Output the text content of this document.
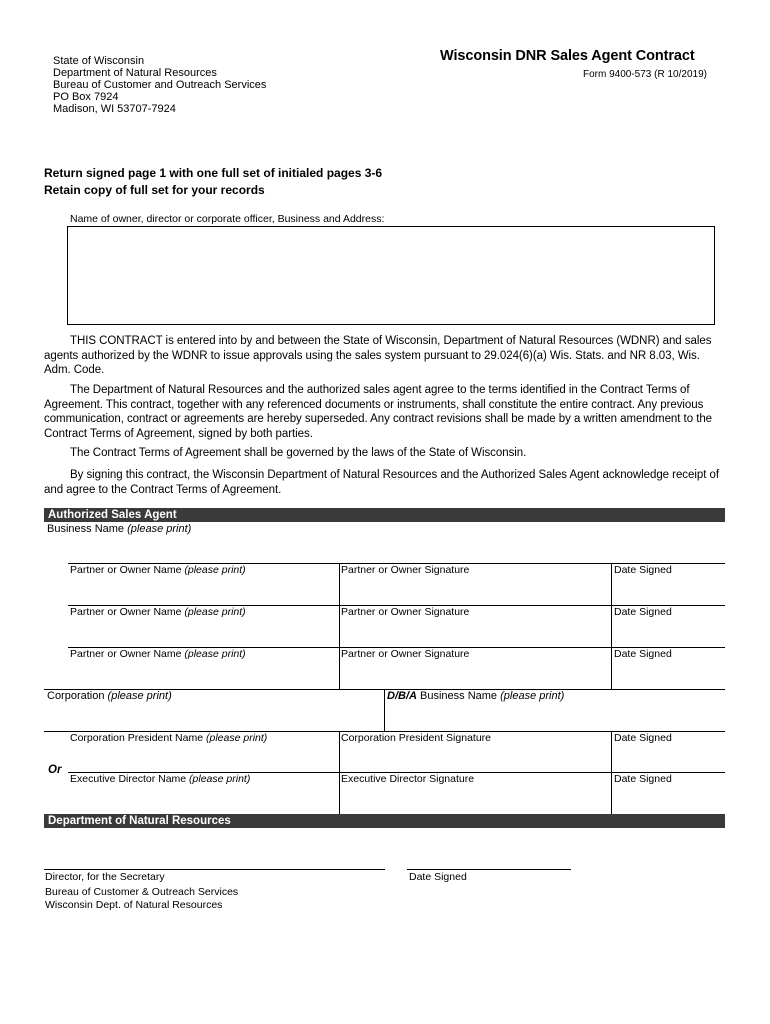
State of Wisconsin
Department of Natural Resources
Bureau of Customer and Outreach Services
PO Box 7924
Madison, WI 53707-7924
Wisconsin DNR Sales Agent Contract
Form 9400-573 (R 10/2019)
Return signed page 1 with one full set of initialed pages 3-6
Retain copy of full set for your records
Name of owner, director or corporate officer, Business and Address:
THIS CONTRACT is entered into by and between the State of Wisconsin, Department of Natural Resources (WDNR) and sales agents authorized by the WDNR to issue approvals using the sales system pursuant to 29.024(6)(a) Wis. Stats. and NR 8.03, Wis. Adm. Code.
The Department of Natural Resources and the authorized sales agent agree to the terms identified in the Contract Terms of Agreement. This contract, together with any referenced documents or instruments, shall constitute the entire contract. Any previous communication, contract or agreements are hereby superseded. Any contract revisions shall be made by a written amendment to the Contract Terms of Agreement, signed by both parties.
The Contract Terms of Agreement shall be governed by the laws of the State of Wisconsin.
By signing this contract, the Wisconsin Department of Natural Resources and the Authorized Sales Agent acknowledge receipt of and agree to the Contract Terms of Agreement.
Authorized Sales Agent
Business Name (please print)
Partner or Owner Name (please print)	Partner or Owner Signature	Date Signed
Partner or Owner Name (please print)	Partner or Owner Signature	Date Signed
Partner or Owner Name (please print)	Partner or Owner Signature	Date Signed
Corporation (please print)	D/B/A Business Name (please print)
Corporation President Name (please print)	Corporation President Signature	Date Signed
Or
Executive Director Name (please print)	Executive Director Signature	Date Signed
Department of Natural Resources
Director, for the Secretary
Bureau of Customer & Outreach Services
Wisconsin Dept. of Natural Resources
Date Signed
